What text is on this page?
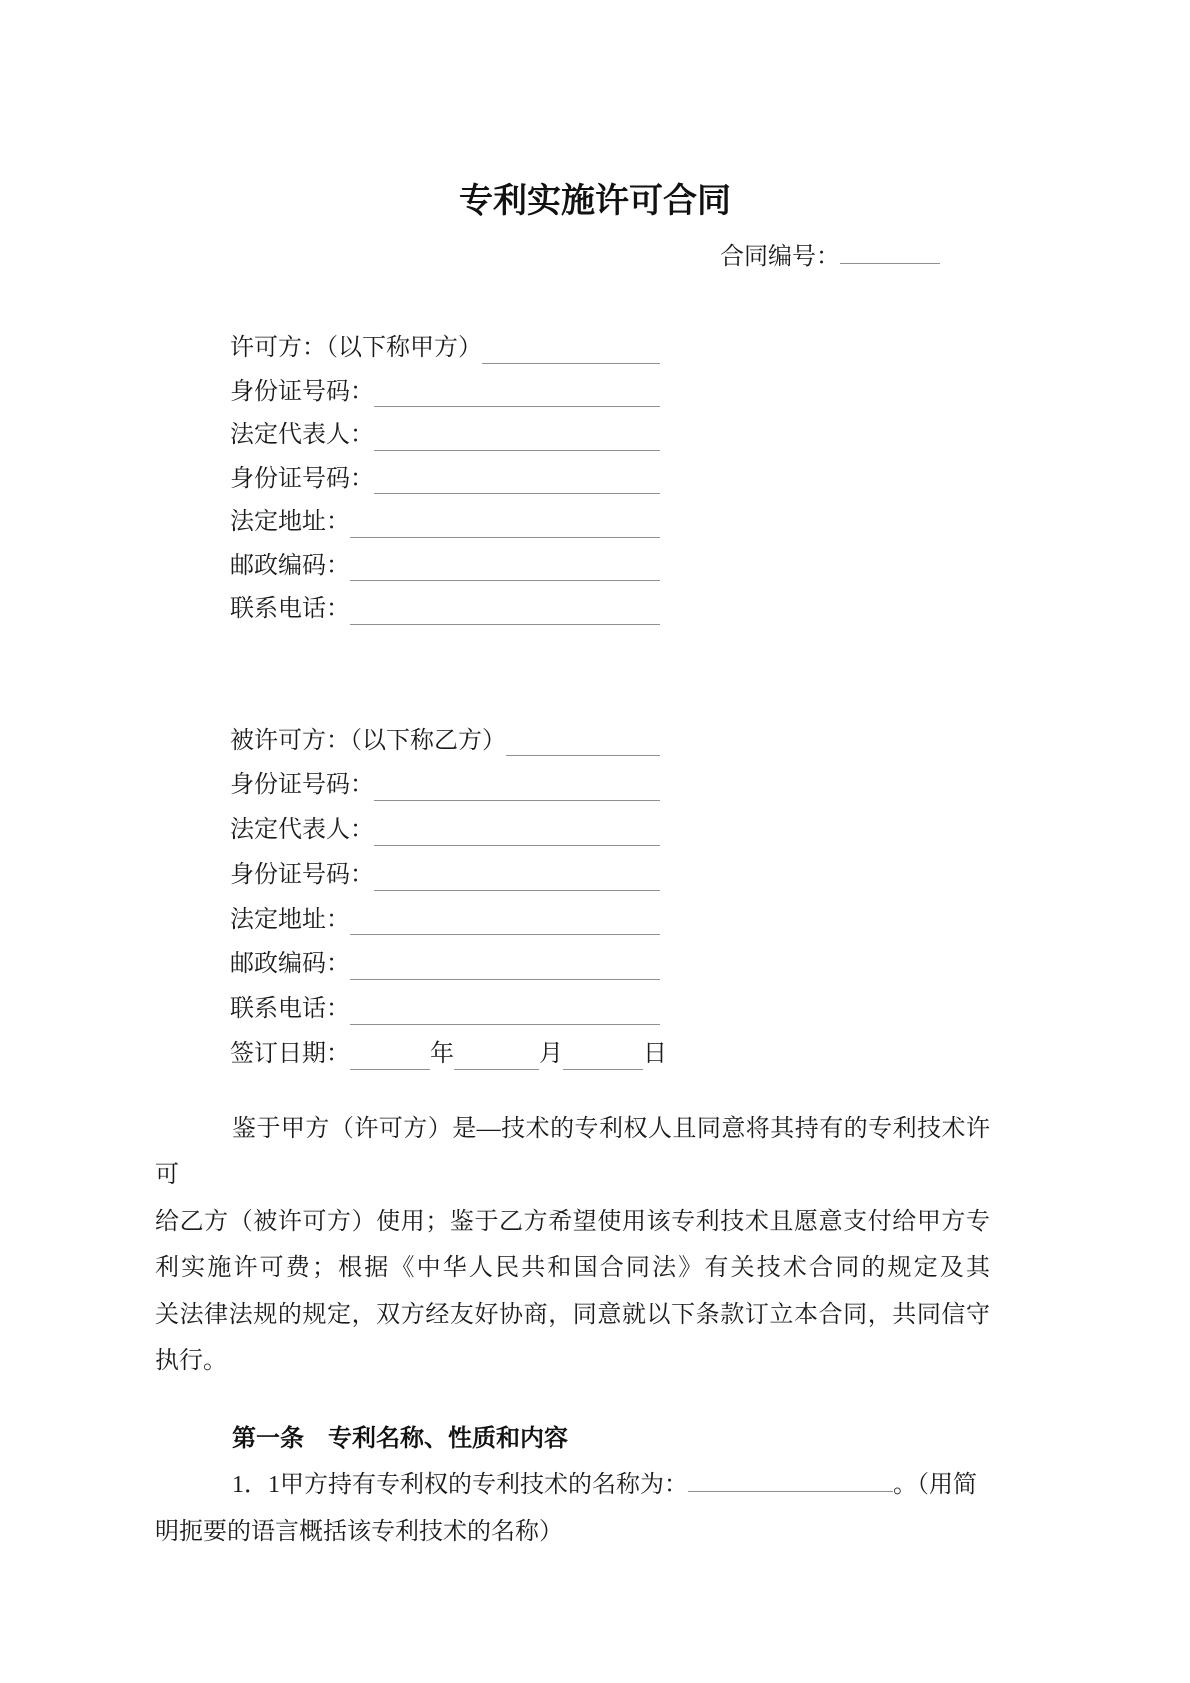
专利实施许可合同
合同编号：
许可方：（以下称甲方）
身份证号码：
法定代表人：
身份证号码：
法定地址：
邮政编码：
联系电话：
被许可方：（以下称乙方）
身份证号码：
法定代表人：
身份证号码：
法定地址：
邮政编码：
联系电话：
签订日期：	年	月	日
鉴于甲方（许可方）是—技术的专利权人且同意将其持有的专利技术许可
给乙方（被许可方）使用；鉴于乙方希望使用该专利技术且愿意支付给甲方专
利实施许可费；根据《中华人民共和国合同法》有关技术合同的规定及其
关法律法规的规定，双方经友好协商，同意就以下条款订立本合同，共同信守
执行。
第一条　专利名称、性质和内容
1．1甲方持有专利权的专利技术的名称为：	。（用简
明扼要的语言概括该专利技术的名称）
